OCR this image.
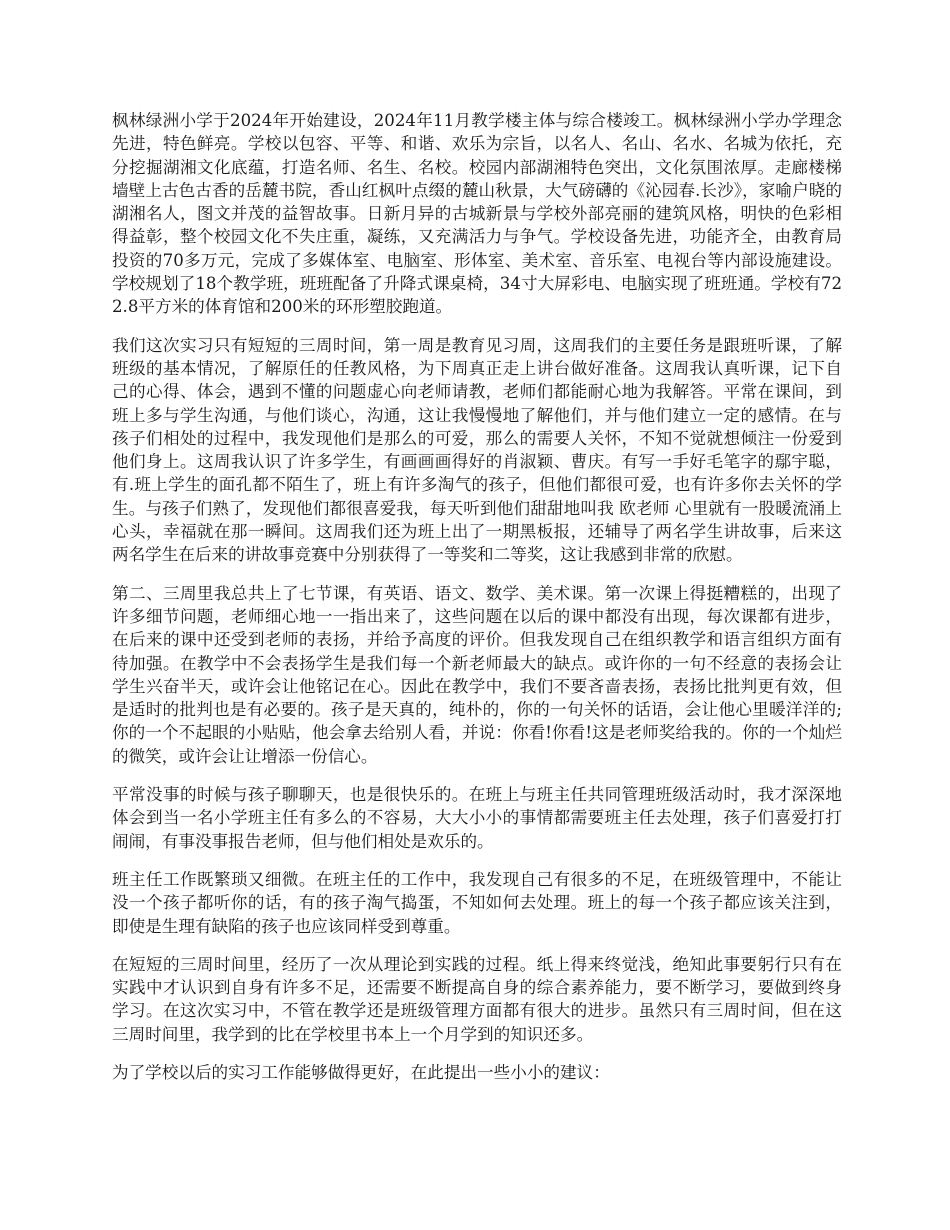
枫林绿洲小学于2024年开始建设，2024年11月教学楼主体与综合楼竣工。枫林绿洲小学办学理念先进，特色鲜亮。学校以包容、平等、和谐、欢乐为宗旨，以名人、名山、名水、名城为依托，充分挖掘湖湘文化底蕴，打造名师、名生、名校。校园内部湖湘特色突出，文化氛围浓厚。走廊楼梯墙壁上古色古香的岳麓书院，香山红枫叶点缀的麓山秋景，大气磅礴的《沁园春.长沙》，家喻户晓的湖湘名人，图文并茂的益智故事。日新月异的古城新景与学校外部亮丽的建筑风格，明快的色彩相得益彰，整个校园文化不失庄重，凝练，又充满活力与争气。学校设备先进，功能齐全，由教育局投资的70多万元，完成了多媒体室、电脑室、形体室、美术室、音乐室、电视台等内部设施建设。学校规划了18个教学班，班班配备了升降式课桌椅，34寸大屏彩电、电脑实现了班班通。学校有722.8平方米的体育馆和200米的环形塑胶跑道。

我们这次实习只有短短的三周时间，第一周是教育见习周，这周我们的主要任务是跟班听课，了解班级的基本情况，了解原任的任教风格，为下周真正走上讲台做好准备。这周我认真听课，记下自己的心得、体会，遇到不懂的问题虚心向老师请教，老师们都能耐心地为我解答。平常在课间，到班上多与学生沟通，与他们谈心，沟通，这让我慢慢地了解他们，并与他们建立一定的感情。在与孩子们相处的过程中，我发现他们是那么的可爱，那么的需要人关怀，不知不觉就想倾注一份爱到他们身上。这周我认识了许多学生，有画画画得好的肖淑颖、曹庆。有写一手好毛笔字的鄢宇聪，有.班上学生的面孔都不陌生了，班上有许多淘气的孩子，但他们都很可爱，也有许多你去关怀的学生。与孩子们熟了，发现他们都很喜爱我，每天听到他们甜甜地叫我 欧老师 心里就有一股暖流涌上心头，幸福就在那一瞬间。这周我们还为班上出了一期黑板报，还辅导了两名学生讲故事，后来这两名学生在后来的讲故事竞赛中分别获得了一等奖和二等奖，这让我感到非常的欣慰。

第二、三周里我总共上了七节课，有英语、语文、数学、美术课。第一次课上得挺糟糕的，出现了许多细节问题，老师细心地一一指出来了，这些问题在以后的课中都没有出现，每次课都有进步，在后来的课中还受到老师的表扬，并给予高度的评价。但我发现自己在组织教学和语言组织方面有待加强。在教学中不会表扬学生是我们每一个新老师最大的缺点。或许你的一句不经意的表扬会让学生兴奋半天，或许会让他铭记在心。因此在教学中，我们不要吝啬表扬，表扬比批判更有效，但是适时的批判也是有必要的。孩子是天真的，纯朴的，你的一句关怀的话语，会让他心里暖洋洋的;你的一个不起眼的小贴贴，他会拿去给别人看，并说：你看!你看!这是老师奖给我的。你的一个灿烂的微笑，或许会让让增添一份信心。

平常没事的时候与孩子聊聊天，也是很快乐的。在班上与班主任共同管理班级活动时，我才深深地体会到当一名小学班主任有多么的不容易，大大小小的事情都需要班主任去处理，孩子们喜爱打打闹闹，有事没事报告老师，但与他们相处是欢乐的。

班主任工作既繁琐又细微。在班主任的工作中，我发现自己有很多的不足，在班级管理中，不能让没一个孩子都听你的话，有的孩子淘气捣蛋，不知如何去处理。班上的每一个孩子都应该关注到，即使是生理有缺陷的孩子也应该同样受到尊重。

在短短的三周时间里，经历了一次从理论到实践的过程。纸上得来终觉浅，绝知此事要躬行只有在实践中才认识到自身有许多不足，还需要不断提高自身的综合素养能力，要不断学习，要做到终身学习。在这次实习中，不管在教学还是班级管理方面都有很大的进步。虽然只有三周时间，但在这三周时间里，我学到的比在学校里书本上一个月学到的知识还多。

为了学校以后的实习工作能够做得更好，在此提出一些小小的建议：
